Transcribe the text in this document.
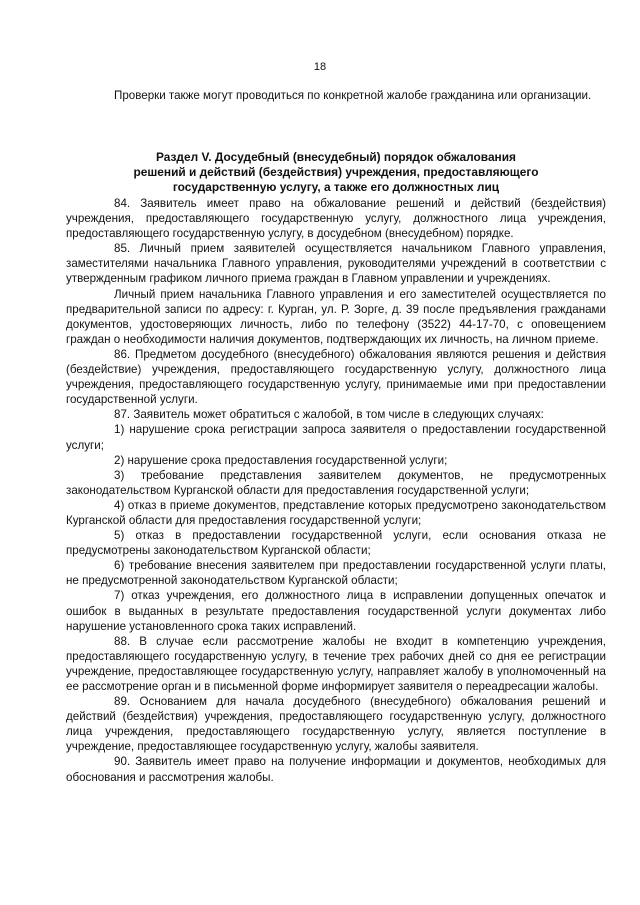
18

Проверки также могут проводиться по конкретной жалобе гражданина или организации.

Раздел V. Досудебный (внесудебный) порядок обжалования
решений и действий (бездействия) учреждения, предоставляющего
государственную услугу, а также его должностных лиц

84. Заявитель имеет право на обжалование решений и действий (бездействия) учреждения, предоставляющего государственную услугу, должностного лица учреждения, предоставляющего государственную услугу, в досудебном (внесудебном) порядке.

85. Личный прием заявителей осуществляется начальником Главного управления, заместителями начальника Главного управления, руководителями учреждений в соответствии с утвержденным графиком личного приема граждан в Главном управлении и учреждениях.

Личный прием начальника Главного управления и его заместителей осуществляется по предварительной записи по адресу: г. Курган, ул. Р. Зорге, д. 39 после предъявления гражданами документов, удостоверяющих личность, либо по телефону (3522) 44-17-70, с оповещением граждан о необходимости наличия документов, подтверждающих их личность, на личном приеме.

86. Предметом досудебного (внесудебного) обжалования являются решения и действия (бездействие) учреждения, предоставляющего государственную услугу, должностного лица учреждения, предоставляющего государственную услугу, принимаемые ими при предоставлении государственной услуги.

87. Заявитель может обратиться с жалобой, в том числе в следующих случаях:

1) нарушение срока регистрации запроса заявителя о предоставлении государственной услуги;

2) нарушение срока предоставления государственной услуги;

3) требование представления заявителем документов, не предусмотренных законодательством Курганской области для предоставления государственной услуги;

4) отказ в приеме документов, представление которых предусмотрено законодательством Курганской области для предоставления государственной услуги;

5) отказ в предоставлении государственной услуги, если основания отказа не предусмотрены законодательством Курганской области;

6) требование внесения заявителем при предоставлении государственной услуги платы, не предусмотренной законодательством Курганской области;

7) отказ учреждения, его должностного лица в исправлении допущенных опечаток и ошибок в выданных в результате предоставления государственной услуги документах либо нарушение установленного срока таких исправлений.

88. В случае если рассмотрение жалобы не входит в компетенцию учреждения, предоставляющего государственную услугу, в течение трех рабочих дней со дня ее регистрации учреждение, предоставляющее государственную услугу, направляет жалобу в уполномоченный на ее рассмотрение орган и в письменной форме информирует заявителя о переадресации жалобы.

89. Основанием для начала досудебного (внесудебного) обжалования решений и действий (бездействия) учреждения, предоставляющего государственную услугу, должностного лица учреждения, предоставляющего государственную услугу, является поступление в учреждение, предоставляющее государственную услугу, жалобы заявителя.

90. Заявитель имеет право на получение информации и документов, необходимых для обоснования и рассмотрения жалобы.
